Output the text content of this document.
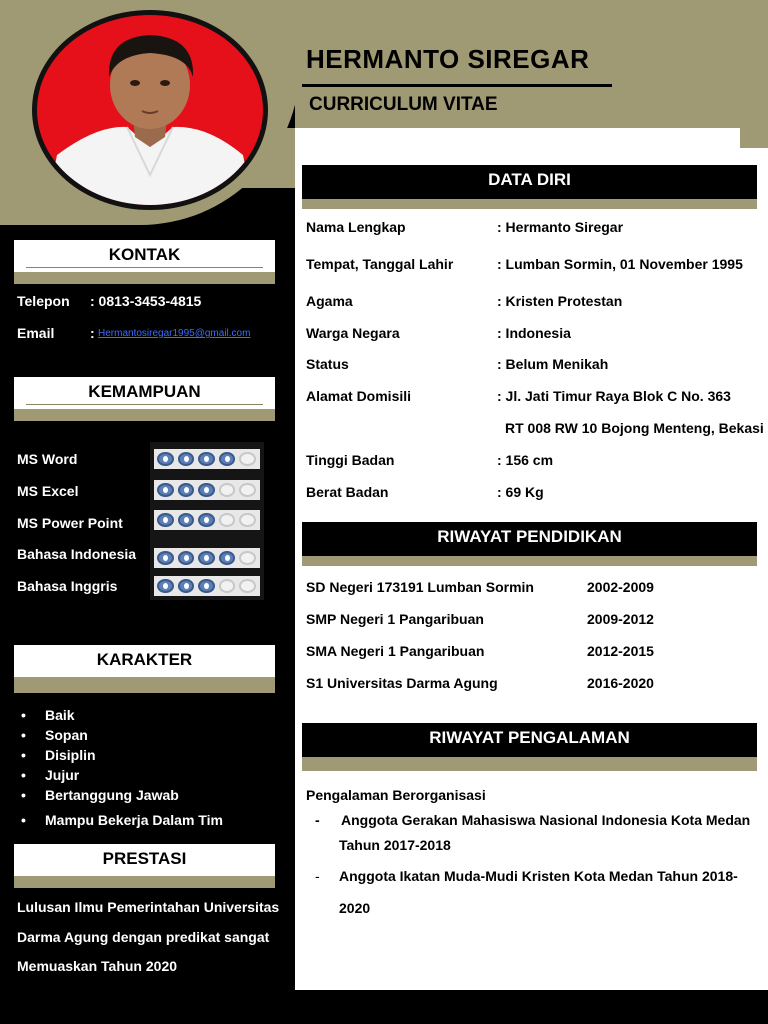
HERMANTO SIREGAR
CURRICULUM VITAE
KONTAK
Telepon : 0813-3453-4815
Email	: Hermantosiregar1995@gmail.com
KEMAMPUAN
MS Word
MS Excel
MS Power Point
Bahasa Indonesia
Bahasa Inggris
KARAKTER
• Baik
• Sopan
• Disiplin
• Jujur
• Bertanggung Jawab
• Mampu Bekerja Dalam Tim
PRESTASI

Lulusan Ilmu Pemerintahan Universitas
Darma Agung dengan predikat sangat
Memuaskan Tahun 2020

DATA DIRI
Nama Lengkap	: Hermanto Siregar
Tempat, Tanggal Lahir	: Lumban Sormin, 01 November 1995
Agama	: Kristen Protestan
Warga Negara	: Indonesia
Status	: Belum Menikah
Alamat Domisili	: Jl. Jati Timur Raya Blok C No. 363
RT 008 RW 10 Bojong Menteng, Bekasi
Tinggi Badan	: 156 cm
Berat Badan	: 69 Kg
RIWAYAT PENDIDIKAN
SD Negeri 173191 Lumban Sormin	2002-2009
SMP Negeri 1 Pangaribuan	2009-2012
SMA Negeri 1 Pangaribuan	2012-2015
S1 Universitas Darma Agung	2016-2020
RIWAYAT PENGALAMAN
Pengalaman Berorganisasi
- Anggota Gerakan Mahasiswa Nasional Indonesia Kota Medan
Tahun 2017-2018
- Anggota Ikatan Muda-Mudi Kristen Kota Medan Tahun 2018-
2020
